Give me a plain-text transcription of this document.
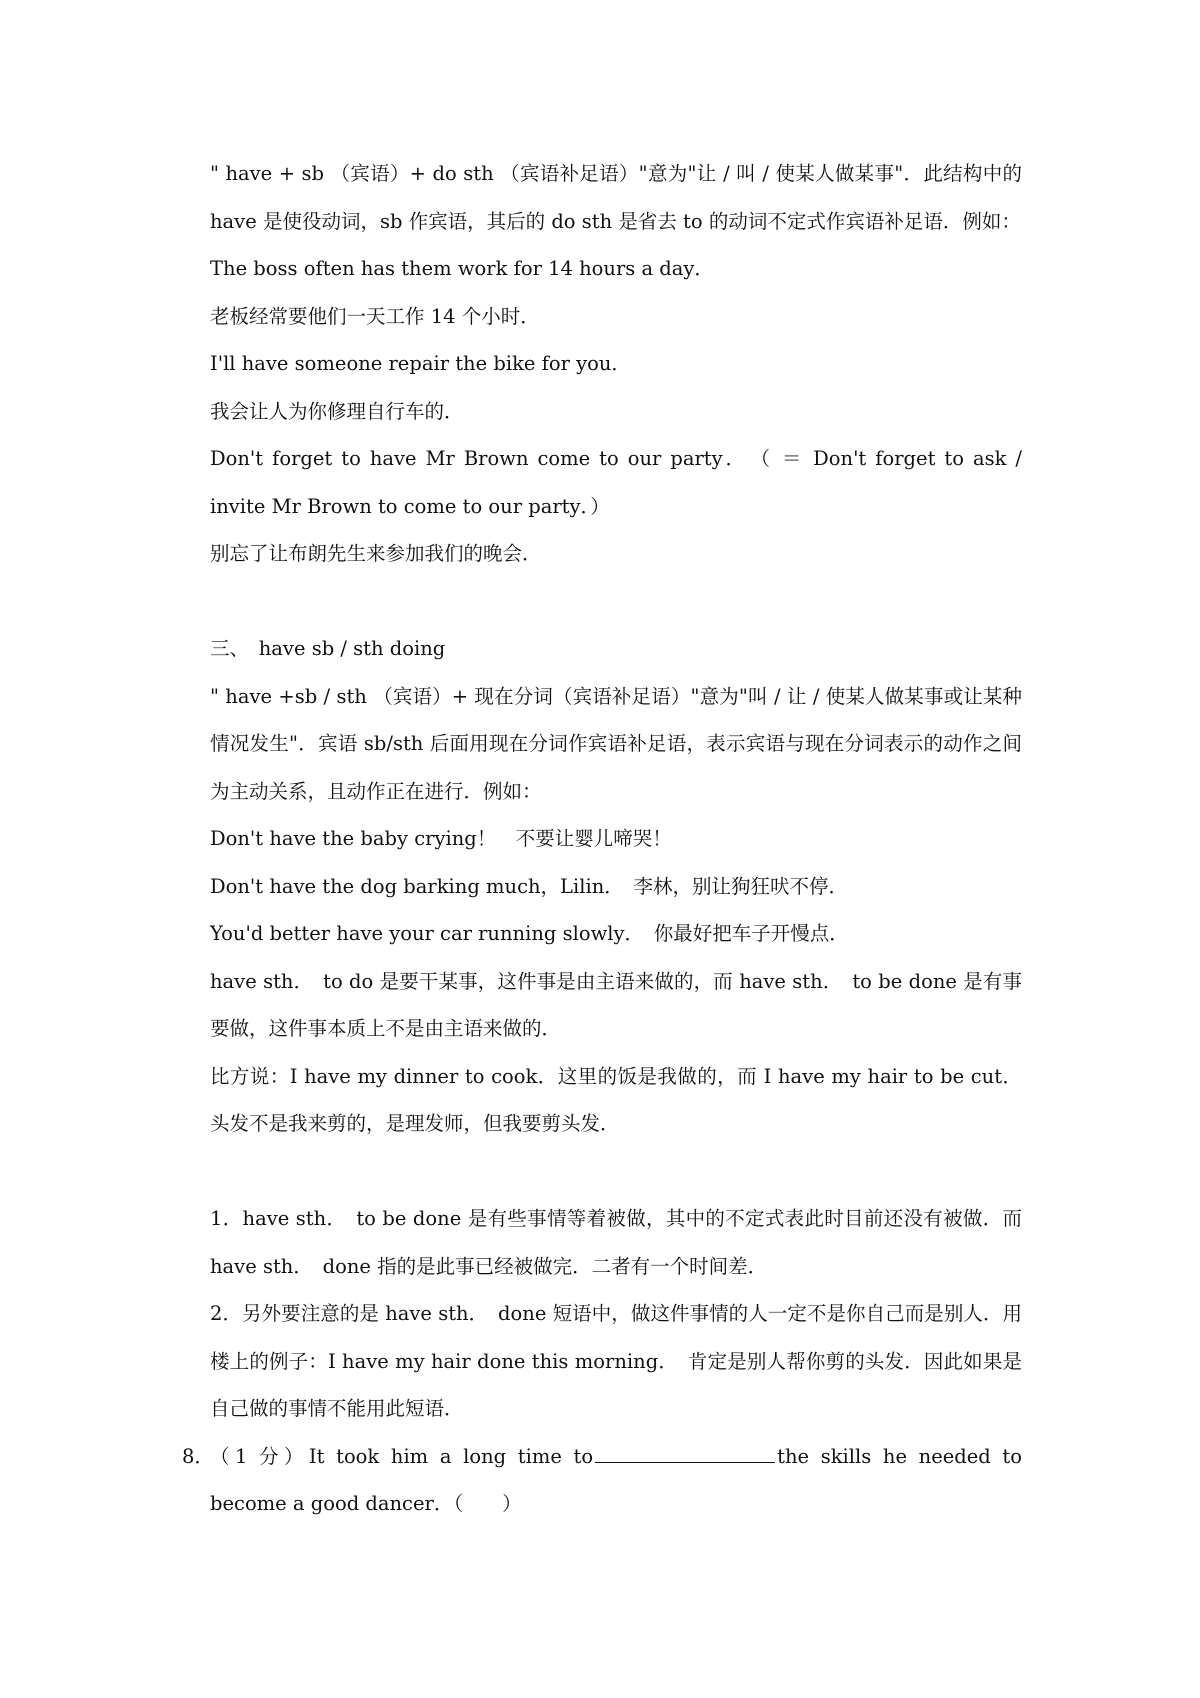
" have + sb （宾语）+ do sth （宾语补足语）"意为"让 / 叫 / 使某人做某事"．此结构中的 have 是使役动词，sb 作宾语，其后的 do sth 是省去 to 的动词不定式作宾语补足语．例如：

The boss often has them work for 14 hours a day．

老板经常要他们一天工作 14 个小时．

I'll have someone repair the bike for you．

我会让人为你修理自行车的．

Don't forget to have Mr Brown come to our party．　（ ＝ Don't forget to ask / invite Mr Brown to come to our party．）

别忘了让布朗先生来参加我们的晚会．

三、　have sb / sth doing

" have +sb / sth （宾语）+ 现在分词（宾语补足语）"意为"叫 / 让 / 使某人做某事或让某种情况发生"．宾语 sb/sth 后面用现在分词作宾语补足语，表示宾语与现在分词表示的动作之间为主动关系，且动作正在进行．例如：

Don't have the baby crying！　不要让婴儿啼哭！

Don't have the dog barking much，Lilin．　李林，别让狗狂吠不停．

You'd better have your car running slowly．　你最好把车子开慢点．

have sth．　to do 是要干某事，这件事是由主语来做的，而 have sth．　to be done 是有事要做，这件事本质上不是由主语来做的．

比方说：I have my dinner to cook．这里的饭是我做的，而 I have my hair to be cut．头发不是我来剪的，是理发师，但我要剪头发．

1．have sth．　to be done 是有些事情等着被做，其中的不定式表此时目前还没有被做．而 have sth．　done 指的是此事已经被做完．二者有一个时间差．

2．另外要注意的是 have sth．　done 短语中，做这件事情的人一定不是你自己而是别人．用楼上的例子：I have my hair done this morning．　肯定是别人帮你剪的头发．因此如果是自己做的事情不能用此短语．

8．
（1 分）It took him a long time to	the skills he needed to become a good dancer．（　　）
